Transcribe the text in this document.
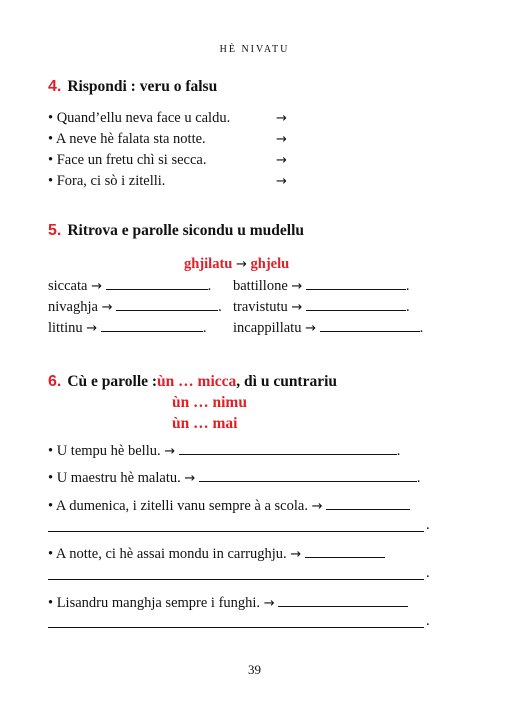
HÈ NIVATU
4. Rispondi : veru o falsu
• Quand’ellu neva face u caldu.	→
• A neve hè falata sta notte.	→
• Face un fretu chì si secca.	→
• Fora, ci sò i zitelli.	→
5. Ritrova e parolle sicondu u mudellu
ghjilatu → ghjelu
siccata →	. battillone →	.
nivaghja →	. travistutu →	.
littinu →	. incappillatu →	.
6. Cù e parolle :ùn … micca, dì u cuntrariu
ùn … nimu
ùn … mai
• U tempu hè bellu. →	.
• U maestru hè malatu. →	.
• A dumenica, i zitelli vanu sempre à a scola. →
.
• A notte, ci hè assai mondu in carrughju. →
.
• Lisandru manghja sempre i funghi. →
.
39
